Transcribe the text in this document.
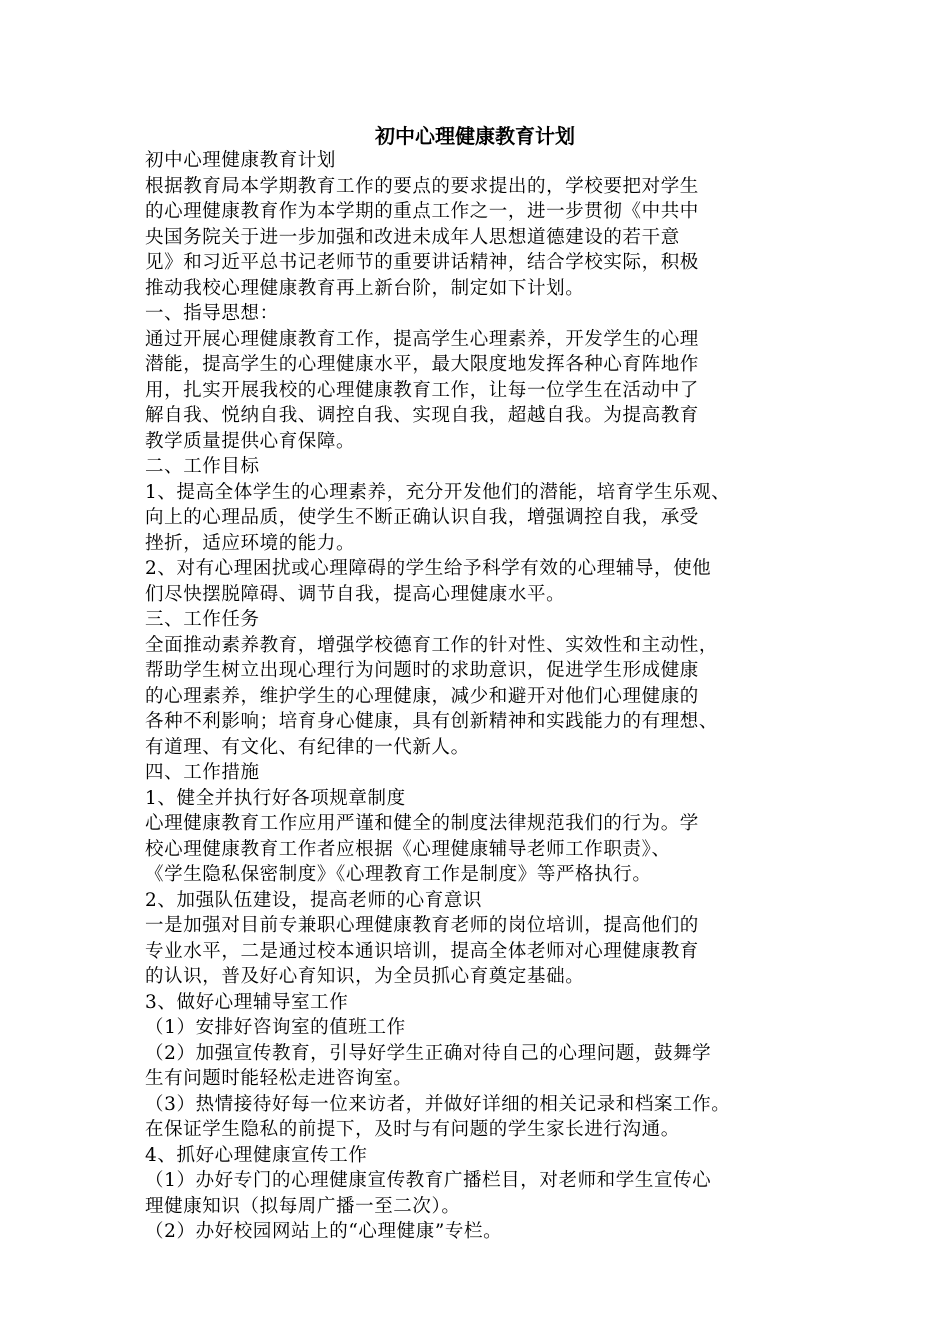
初中心理健康教育计划
初中心理健康教育计划
根据教育局本学期教育工作的要点的要求提出的，学校要把对学生
的心理健康教育作为本学期的重点工作之一，进一步贯彻《中共中
央国务院关于进一步加强和改进未成年人思想道德建设的若干意
见》和习近平总书记老师节的重要讲话精神，结合学校实际，积极
推动我校心理健康教育再上新台阶，制定如下计划。
一、指导思想：
通过开展心理健康教育工作，提高学生心理素养，开发学生的心理
潜能，提高学生的心理健康水平，最大限度地发挥各种心育阵地作
用，扎实开展我校的心理健康教育工作，让每一位学生在活动中了
解自我、悦纳自我、调控自我、实现自我，超越自我。为提高教育
教学质量提供心育保障。
二、工作目标
1、提高全体学生的心理素养，充分开发他们的潜能，培育学生乐观、
向上的心理品质，使学生不断正确认识自我，增强调控自我，承受
挫折，适应环境的能力。
2、对有心理困扰或心理障碍的学生给予科学有效的心理辅导，使他
们尽快摆脱障碍、调节自我，提高心理健康水平。
三、工作任务
全面推动素养教育，增强学校德育工作的针对性、实效性和主动性，
帮助学生树立出现心理行为问题时的求助意识，促进学生形成健康
的心理素养，维护学生的心理健康，减少和避开对他们心理健康的
各种不利影响；培育身心健康，具有创新精神和实践能力的有理想、
有道理、有文化、有纪律的一代新人。
四、工作措施
1、健全并执行好各项规章制度
心理健康教育工作应用严谨和健全的制度法律规范我们的行为。学
校心理健康教育工作者应根据《心理健康辅导老师工作职责》、
《学生隐私保密制度》《心理教育工作是制度》等严格执行。
2、加强队伍建设，提高老师的心育意识
一是加强对目前专兼职心理健康教育老师的岗位培训，提高他们的
专业水平，二是通过校本通识培训，提高全体老师对心理健康教育
的认识，普及好心育知识，为全员抓心育奠定基础。
3、做好心理辅导室工作
（1）安排好咨询室的值班工作
（2）加强宣传教育，引导好学生正确对待自己的心理问题，鼓舞学
生有问题时能轻松走进咨询室。
（3）热情接待好每一位来访者，并做好详细的相关记录和档案工作。
在保证学生隐私的前提下，及时与有问题的学生家长进行沟通。
4、抓好心理健康宣传工作
（1）办好专门的心理健康宣传教育广播栏目，对老师和学生宣传心
理健康知识（拟每周广播一至二次）。
（2）办好校园网站上的“心理健康”专栏。
